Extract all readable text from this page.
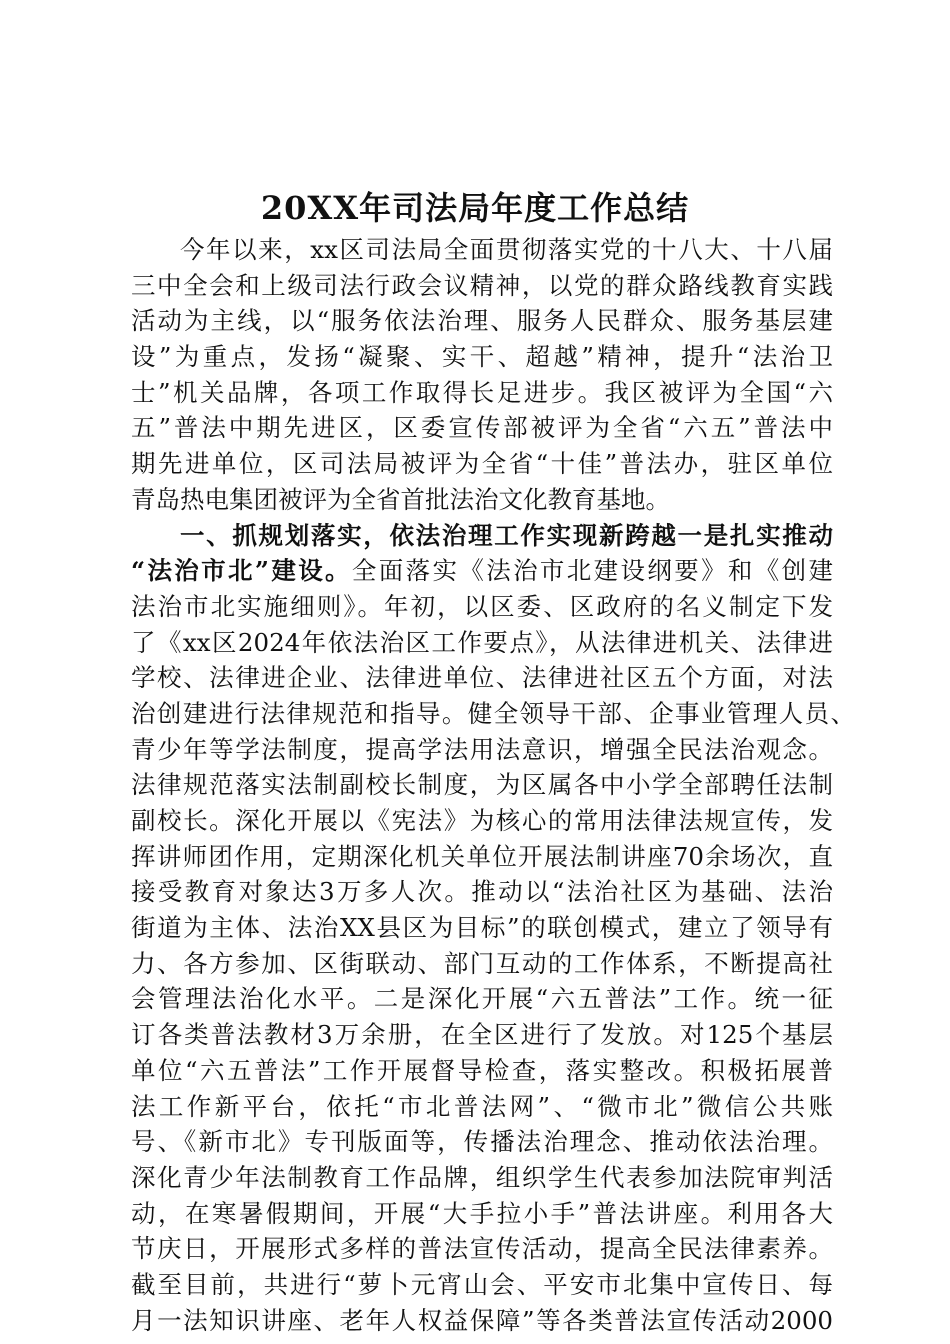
20XX年司法局年度工作总结
今年以来，xx区司法局全面贯彻落实党的十八大、十八届
三中全会和上级司法行政会议精神，以党的群众路线教育实践
活动为主线，以“服务依法治理、服务人民群众、服务基层建
设”为重点，发扬“凝聚、实干、超越”精神，提升“法治卫
士”机关品牌，各项工作取得长足进步。我区被评为全国“六
五”普法中期先进区，区委宣传部被评为全省“六五”普法中
期先进单位，区司法局被评为全省“十佳”普法办，驻区单位
青岛热电集团被评为全省首批法治文化教育基地。
一、抓规划落实，依法治理工作实现新跨越一是扎实推动
“法治市北”建设。全面落实《法治市北建设纲要》和《创建
法治市北实施细则》。年初，以区委、区政府的名义制定下发
了《xx区2024年依法治区工作要点》，从法律进机关、法律进
学校、法律进企业、法律进单位、法律进社区五个方面，对法
治创建进行法律规范和指导。健全领导干部、企事业管理人员、
青少年等学法制度，提高学法用法意识，增强全民法治观念。
法律规范落实法制副校长制度，为区属各中小学全部聘任法制
副校长。深化开展以《宪法》为核心的常用法律法规宣传，发
挥讲师团作用，定期深化机关单位开展法制讲座70余场次，直
接受教育对象达3万多人次。推动以“法治社区为基础、法治
街道为主体、法治XX县区为目标”的联创模式，建立了领导有
力、各方参加、区街联动、部门互动的工作体系，不断提高社
会管理法治化水平。二是深化开展“六五普法”工作。统一征
订各类普法教材3万余册，在全区进行了发放。对125个基层
单位“六五普法”工作开展督导检查，落实整改。积极拓展普
法工作新平台，依托“市北普法网”、“微市北”微信公共账
号、《新市北》专刊版面等，传播法治理念、推动依法治理。
深化青少年法制教育工作品牌，组织学生代表参加法院审判活
动，在寒暑假期间，开展“大手拉小手”普法讲座。利用各大
节庆日，开展形式多样的普法宣传活动，提高全民法律素养。
截至目前，共进行“萝卜元宵山会、平安市北集中宣传日、每
月一法知识讲座、老年人权益保障”等各类普法宣传活动2000
